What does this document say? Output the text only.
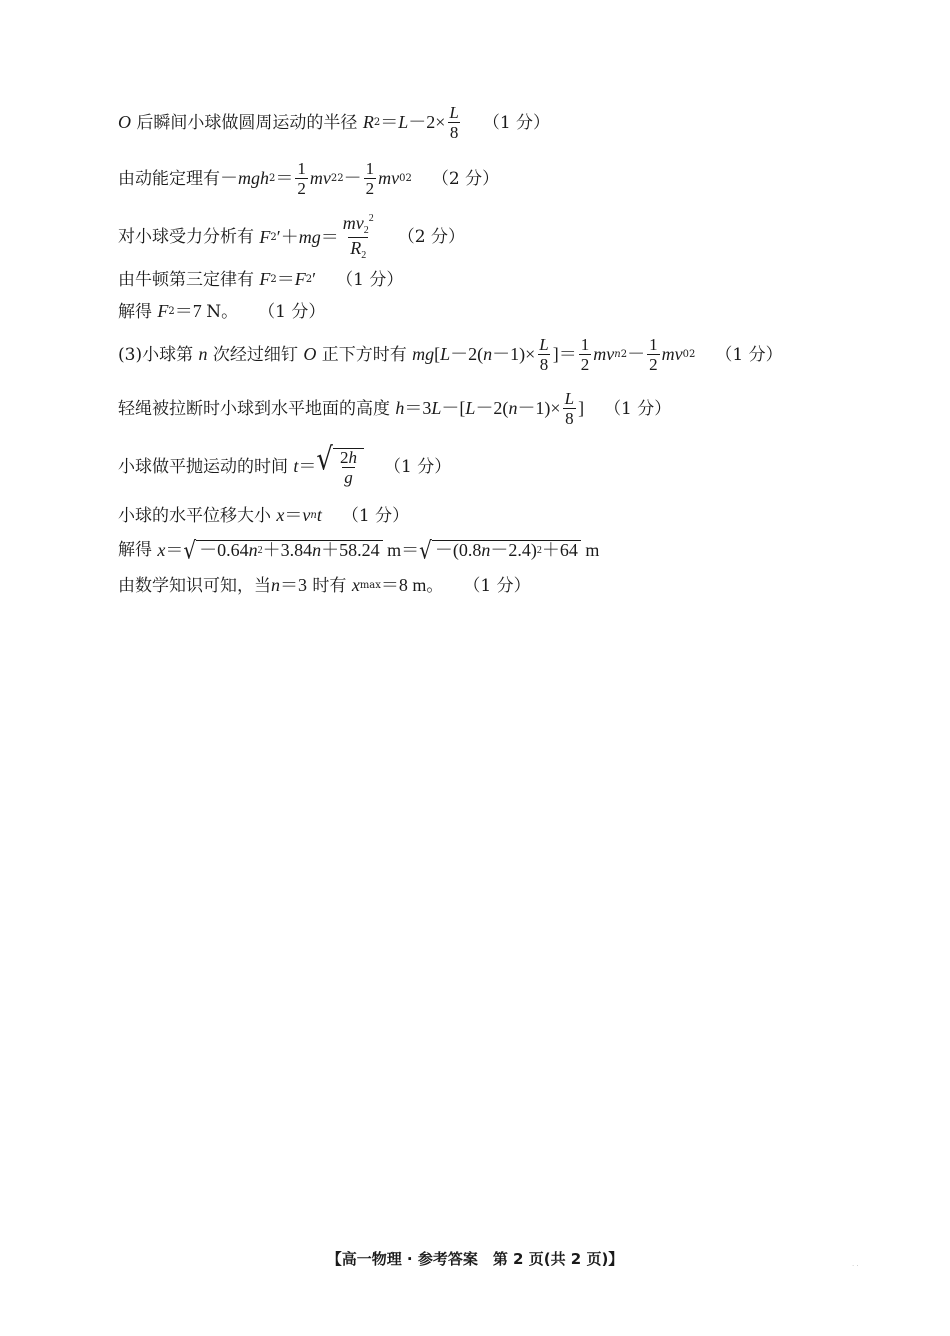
O
后瞬间小球做圆周运动的半径
R $2 = L -2\times \frac{L}{8} (1$ 分）
由动能定理有 － mgh $2 = \frac{1}{2}$ mv 2 $2 - \frac{1}{2}$ mv 0 2 （2 分）
对小球受力分析有
F 2 ′＋ mg ＝ $\frac{mv_2^2}{R_2} (2$ 分）
由牛顿第三定律有
F 2 ＝ F 2 ′ （1 分）
解得
F 2 ＝7 N。 （1 分）
(3)小球第
n
次经过细钉
O
正下方时有
mg [ L －2( $n -1)\times \frac{L}{8}$ ]＝ $\frac{1}{2}$ mv n $2 - \frac{1}{2}$ mv 0 2 （1 分）
轻绳被拉断时小球到水平地面的高度
h ＝3 L －[ L －2( $n -1)\times \frac{L}{8}$ ] （1 分）
小球做平抛运动的时间
t ＝ √ $\frac{2h}{g} (1$ 分）
小球的水平位移大小
x ＝ v n t （1 分）
解得
x ＝ √ －0.64 n 2 ＋3.84 n ＋58.24 m＝ √ －(0.8 n －2.4) 2 ＋64 m
由数学知识可知，当 n ＝3
时有
x max ＝8 m 。 （1 分）
【高一物理 · 参考答案　第 2 页(共 2 页)】	· ·
